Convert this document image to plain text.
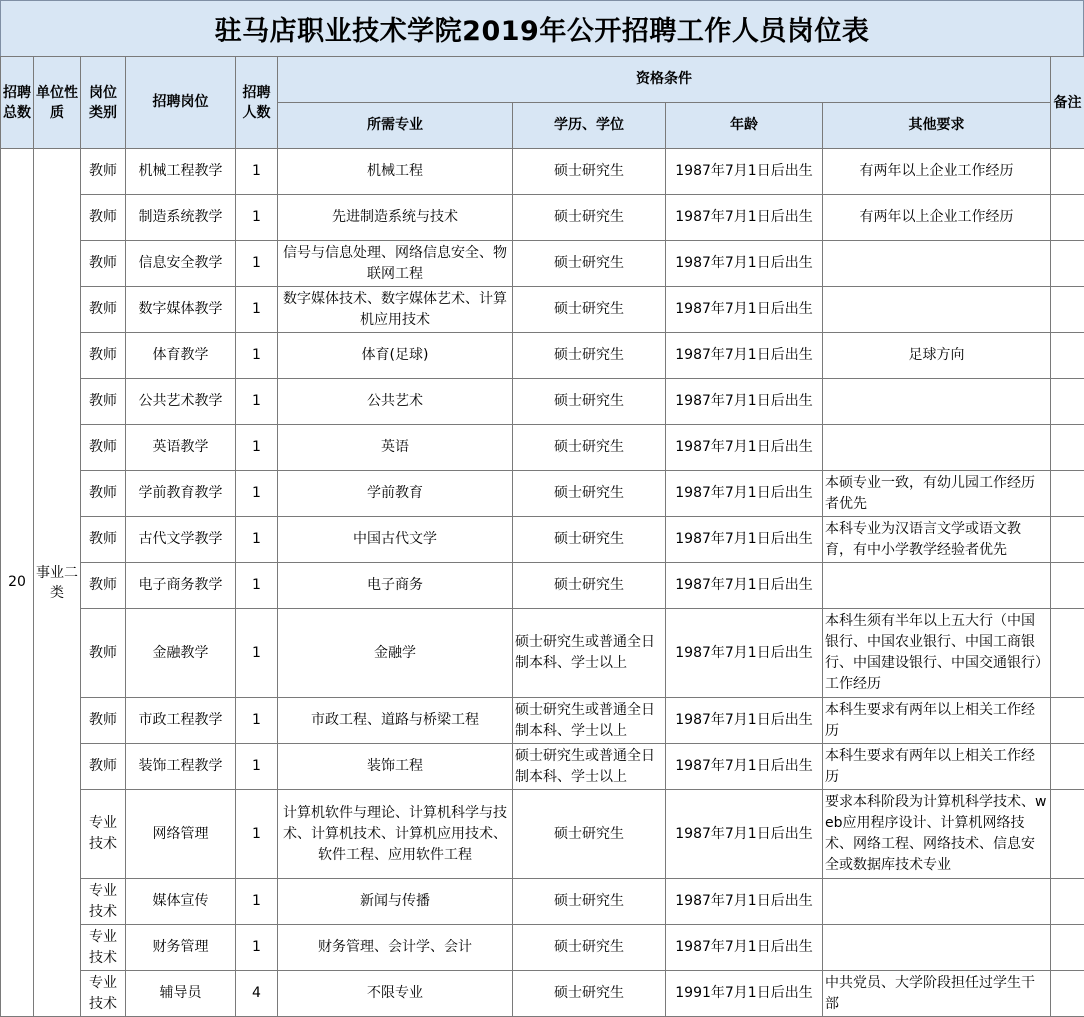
驻马店职业技术学院2019年公开招聘工作人员岗位表
招聘总数	单位性质	岗位类别	招聘岗位	招聘人数	资格条件				备注
					所需专业	学历、学位	年龄	其他要求	
20	事业二类	教师	机械工程教学	1	机械工程	硕士研究生	1987年7月1日后出生	有两年以上企业工作经历	
		教师	制造系统教学	1	先进制造系统与技术	硕士研究生	1987年7月1日后出生	有两年以上企业工作经历	
		教师	信息安全教学	1	信号与信息处理、网络信息安全、物联网工程	硕士研究生	1987年7月1日后出生		
		教师	数字媒体教学	1	数字媒体技术、数字媒体艺术、计算机应用技术	硕士研究生	1987年7月1日后出生		
		教师	体育教学	1	体育(足球)	硕士研究生	1987年7月1日后出生	足球方向	
		教师	公共艺术教学	1	公共艺术	硕士研究生	1987年7月1日后出生		
		教师	英语教学	1	英语	硕士研究生	1987年7月1日后出生		
		教师	学前教育教学	1	学前教育	硕士研究生	1987年7月1日后出生	本硕专业一致，有幼儿园工作经历者优先	
		教师	古代文学教学	1	中国古代文学	硕士研究生	1987年7月1日后出生	本科专业为汉语言文学或语文教育，有中小学教学经验者优先	
		教师	电子商务教学	1	电子商务	硕士研究生	1987年7月1日后出生		
		教师	金融教学	1	金融学	硕士研究生或普通全日制本科、学士以上	1987年7月1日后出生	本科生须有半年以上五大行（中国银行、中国农业银行、中国工商银行、中国建设银行、中国交通银行）工作经历	
		教师	市政工程教学	1	市政工程、道路与桥梁工程	硕士研究生或普通全日制本科、学士以上	1987年7月1日后出生	本科生要求有两年以上相关工作经历	
		教师	装饰工程教学	1	装饰工程	硕士研究生或普通全日制本科、学士以上	1987年7月1日后出生	本科生要求有两年以上相关工作经历	
		专业技术	网络管理	1	计算机软件与理论、计算机科学与技术、计算机技术、计算机应用技术、软件工程、应用软件工程	硕士研究生	1987年7月1日后出生	要求本科阶段为计算机科学技术、web应用程序设计、计算机网络技术、网络工程、网络技术、信息安全或数据库技术专业	
		专业技术	媒体宣传	1	新闻与传播	硕士研究生	1987年7月1日后出生		
		专业技术	财务管理	1	财务管理、会计学、会计	硕士研究生	1987年7月1日后出生		
		专业技术	辅导员	4	不限专业	硕士研究生	1991年7月1日后出生	中共党员、大学阶段担任过学生干部	
